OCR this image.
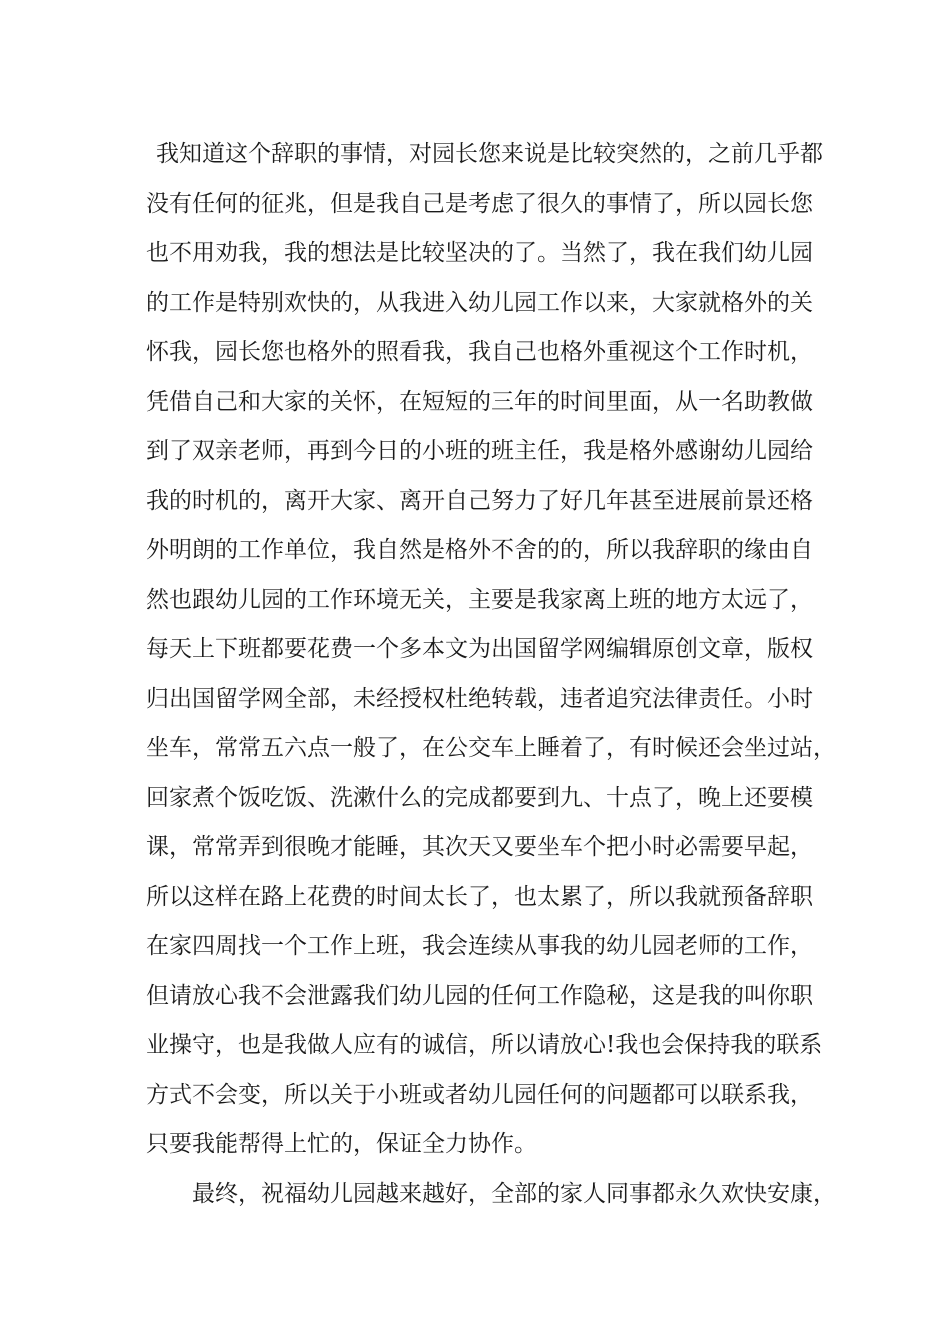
我知道这个辞职的事情，对园长您来说是比较突然的，之前几乎都
没有任何的征兆，但是我自己是考虑了很久的事情了，所以园长您
也不用劝我，我的想法是比较坚决的了。当然了，我在我们幼儿园
的工作是特别欢快的，从我进入幼儿园工作以来，大家就格外的关
怀我，园长您也格外的照看我，我自己也格外重视这个工作时机，
凭借自己和大家的关怀，在短短的三年的时间里面，从一名助教做
到了双亲老师，再到今日的小班的班主任，我是格外感谢幼儿园给
我的时机的，离开大家、离开自己努力了好几年甚至进展前景还格
外明朗的工作单位，我自然是格外不舍的的，所以我辞职的缘由自
然也跟幼儿园的工作环境无关，主要是我家离上班的地方太远了，
每天上下班都要花费一个多本文为出国留学网编辑原创文章，版权
归出国留学网全部，未经授权杜绝转载，违者追究法律责任。小时
坐车，常常五六点一般了，在公交车上睡着了，有时候还会坐过站，
回家煮个饭吃饭、洗漱什么的完成都要到九、十点了，晚上还要模
课，常常弄到很晚才能睡，其次天又要坐车个把小时必需要早起，
所以这样在路上花费的时间太长了，也太累了，所以我就预备辞职
在家四周找一个工作上班，我会连续从事我的幼儿园老师的工作，
但请放心我不会泄露我们幼儿园的任何工作隐秘，这是我的叫你职
业操守，也是我做人应有的诚信，所以请放心!我也会保持我的联系
方式不会变，所以关于小班或者幼儿园任何的问题都可以联系我，
只要我能帮得上忙的，保证全力协作。
最终，祝福幼儿园越来越好，全部的家人同事都永久欢快安康，
